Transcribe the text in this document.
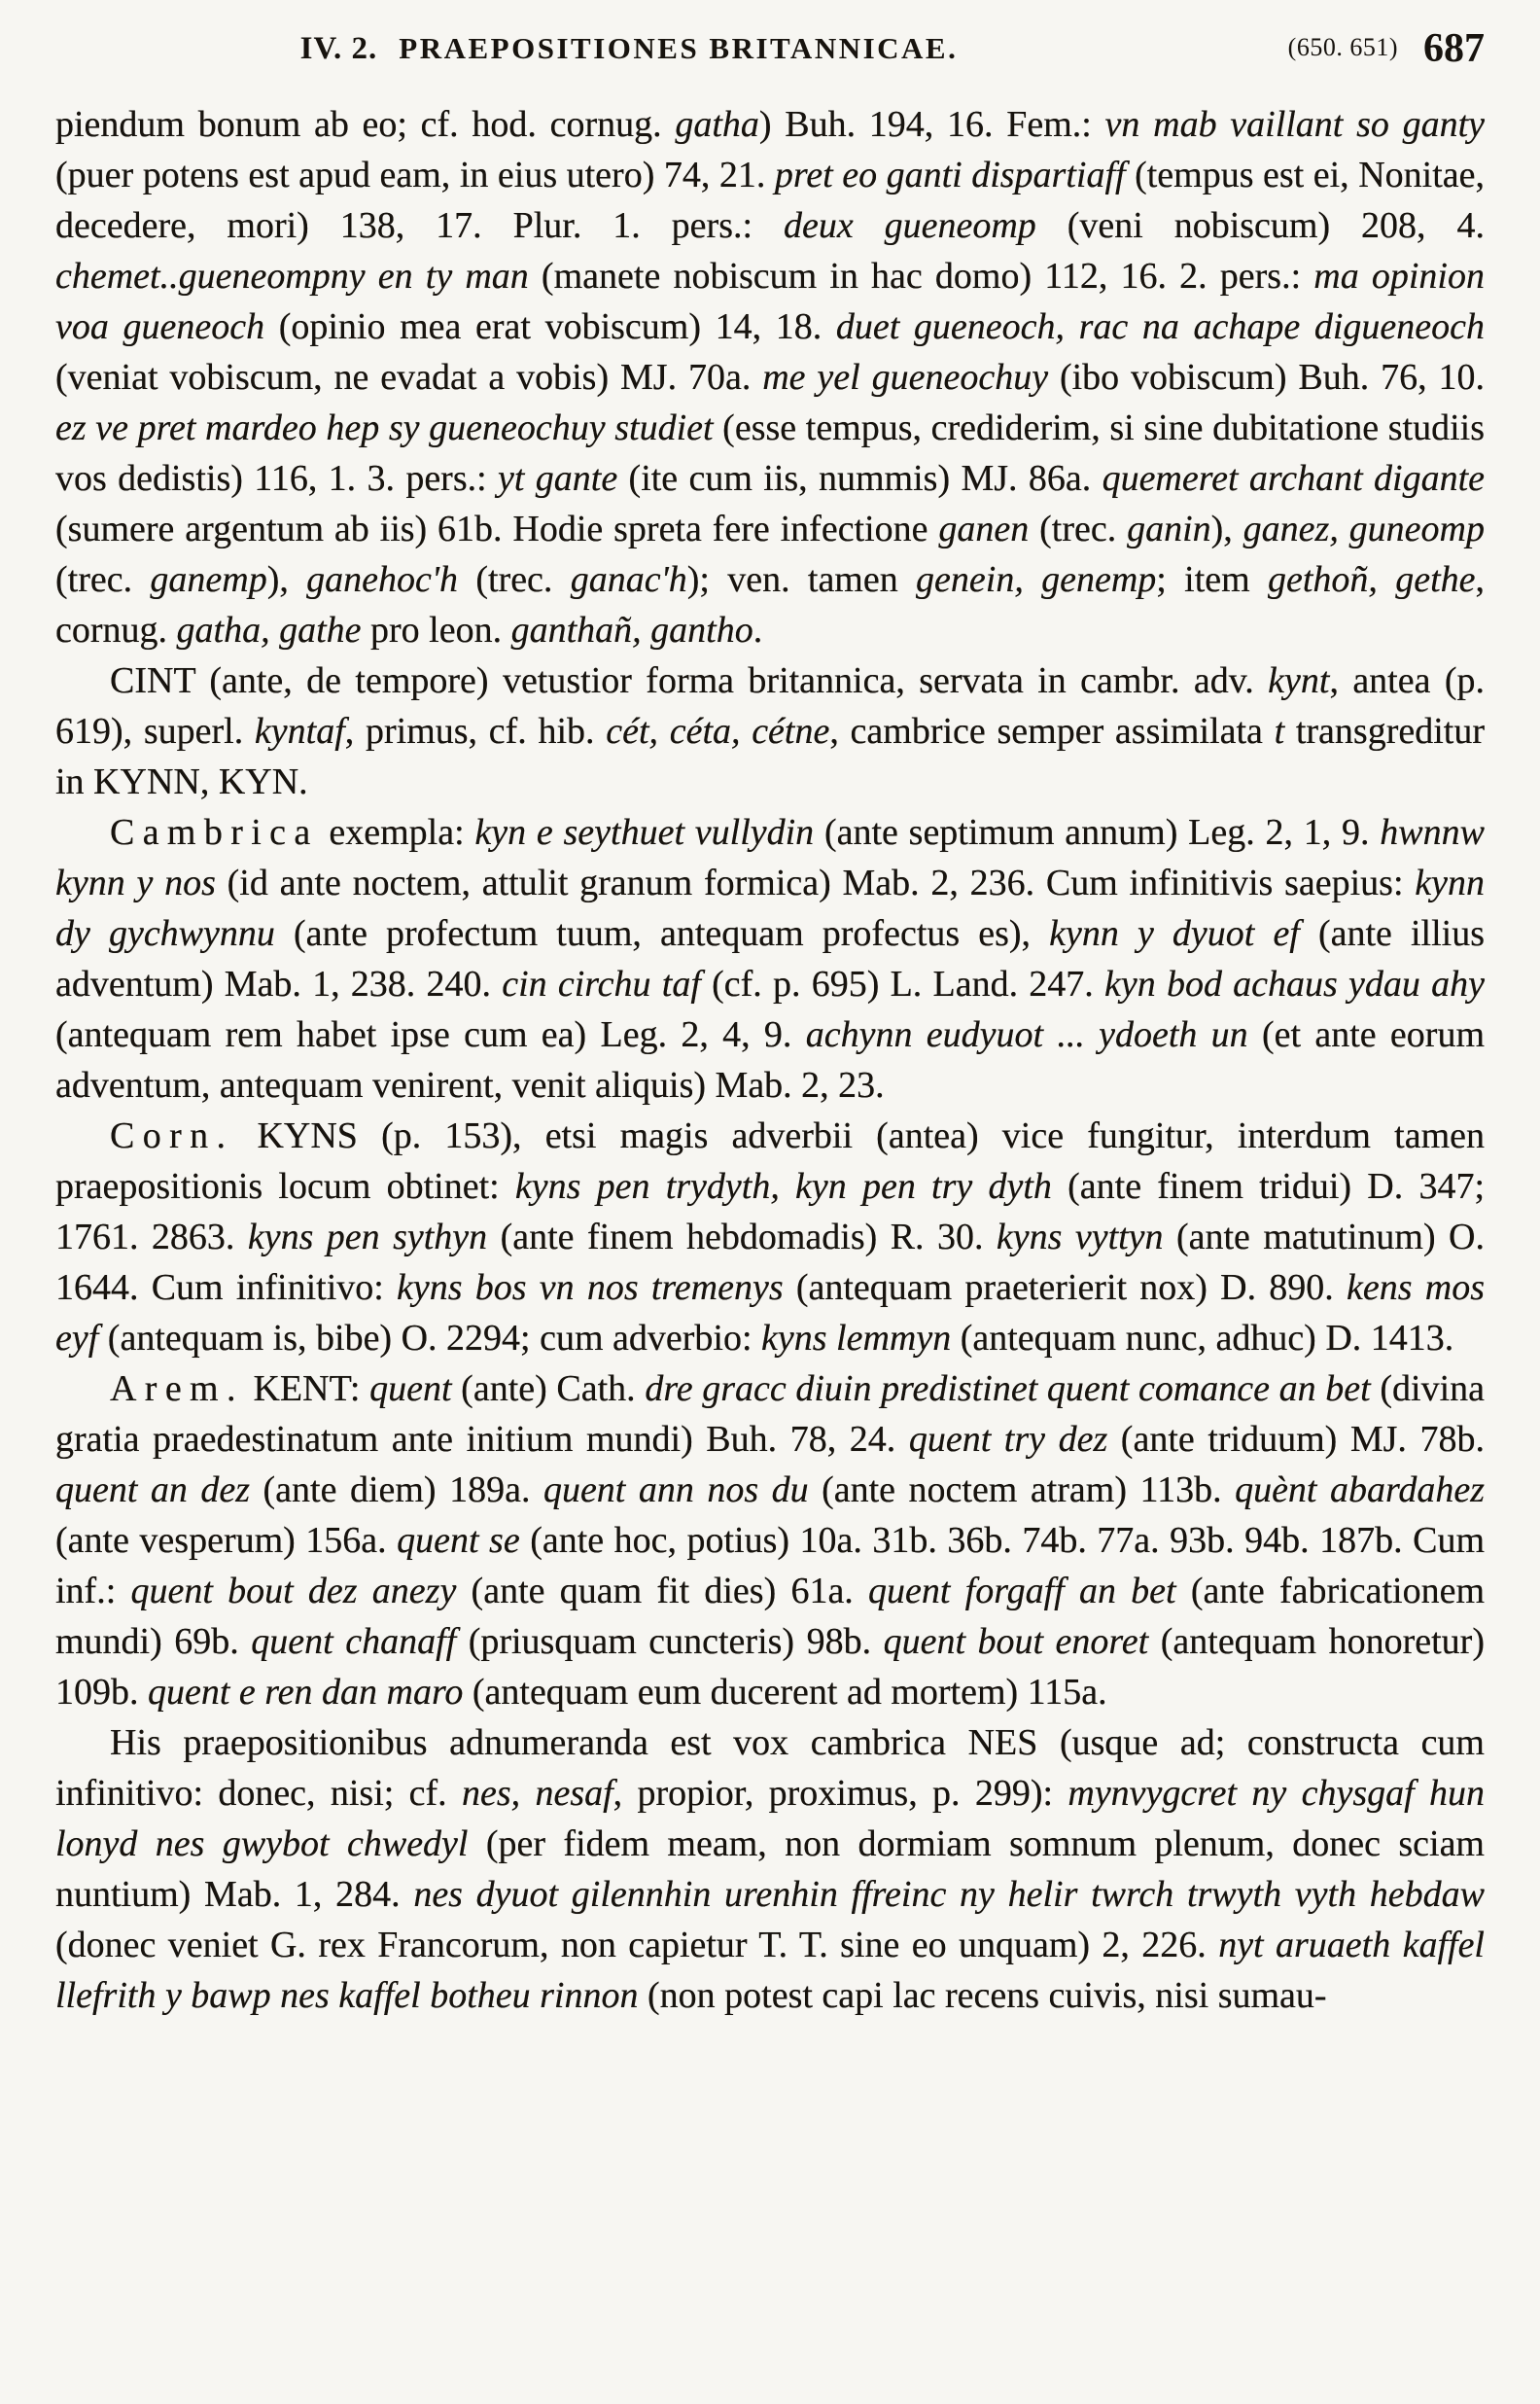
IV. 2. PRAEPOSITIONES BRITANNICAE.	(650. 651) 687

piendum bonum ab eo; cf. hod. cornug. gatha) Buh. 194, 16. Fem.: vn mab vaillant so ganty (puer potens est apud eam, in eius utero) 74, 21. pret eo ganti dispartiaff (tempus est ei, Nonitae, decedere, mori) 138, 17. Plur. 1. pers.: deux gueneomp (veni nobiscum) 208, 4. chemet..gueneompny en ty man (manete nobiscum in hac domo) 112, 16. 2. pers.: ma opinion voa gueneoch (opinio mea erat vobiscum) 14, 18. duet gueneoch, rac na achape digueneoch (veniat vobiscum, ne evadat a vobis) MJ. 70a. me yel gueneochuy (ibo vobiscum) Buh. 76, 10. ez ve pret mardeo hep sy gueneochuy studiet (esse tempus, crediderim, si sine dubitatione studiis vos dedistis) 116, 1. 3. pers.: yt gante (ite cum iis, nummis) MJ. 86a. quemeret archant digante (sumere argentum ab iis) 61b. Hodie spreta fere infectione ganen (trec. ganin), ganez, guneomp (trec. ganemp), ganehoc'h (trec. ganac'h); ven. tamen genein, genemp; item gethoñ, gethe, cornug. gatha, gathe pro leon. ganthañ, gantho.

CINT (ante, de tempore) vetustior forma britannica, servata in cambr. adv. kynt, antea (p. 619), superl. kyntaf, primus, cf. hib. cét, céta, cétne, cambrice semper assimilata t transgreditur in KYNN, KYN.

Cambrica exempla: kyn e seythuet vullydin (ante septimum annum) Leg. 2, 1, 9. hwnnw kynn y nos (id ante noctem, attulit granum formica) Mab. 2, 236. Cum infinitivis saepius: kynn dy gychwynnu (ante profectum tuum, antequam profectus es), kynn y dyuot ef (ante illius adventum) Mab. 1, 238. 240. cin circhu taf (cf. p. 695) L. Land. 247. kyn bod achaus ydau ahy (antequam rem habet ipse cum ea) Leg. 2, 4, 9. achynn eudyuot ... ydoeth un (et ante eorum adventum, antequam venirent, venit aliquis) Mab. 2, 23.

Corn. KYNS (p. 153), etsi magis adverbii (antea) vice fungitur, interdum tamen praepositionis locum obtinet: kyns pen trydyth, kyn pen try dyth (ante finem tridui) D. 347; 1761. 2863. kyns pen sythyn (ante finem hebdomadis) R. 30. kyns vyttyn (ante matutinum) O. 1644. Cum infinitivo: kyns bos vn nos tremenys (antequam praeterierit nox) D. 890. kens mos eyf (antequam is, bibe) O. 2294; cum adverbio: kyns lemmyn (antequam nunc, adhuc) D. 1413.

Arem. KENT: quent (ante) Cath. dre gracc diuin predistinet quent comance an bet (divina gratia praedestinatum ante initium mundi) Buh. 78, 24. quent try dez (ante triduum) MJ. 78b. quent an dez (ante diem) 189a. quent ann nos du (ante noctem atram) 113b. quènt abardahez (ante vesperum) 156a. quent se (ante hoc, potius) 10a. 31b. 36b. 74b. 77a. 93b. 94b. 187b. Cum inf.: quent bout dez anezy (ante quam fit dies) 61a. quent forgaff an bet (ante fabricationem mundi) 69b. quent chanaff (priusquam cuncteris) 98b. quent bout enoret (antequam honoretur) 109b. quent e ren dan maro (antequam eum ducerent ad mortem) 115a.

His praepositionibus adnumeranda est vox cambrica NES (usque ad; constructa cum infinitivo: donec, nisi; cf. nes, nesaf, propior, proximus, p. 299): mynvygcret ny chysgaf hun lonyd nes gwybot chwedyl (per fidem meam, non dormiam somnum plenum, donec sciam nuntium) Mab. 1, 284. nes dyuot gilennhin urenhin ffreinc ny helir twrch trwyth vyth hebdaw (donec veniet G. rex Francorum, non capietur T. T. sine eo unquam) 2, 226. nyt aruaeth kaffel llefrith y bawp nes kaffel botheu rinnon (non potest capi lac recens cuivis, nisi sumau-
